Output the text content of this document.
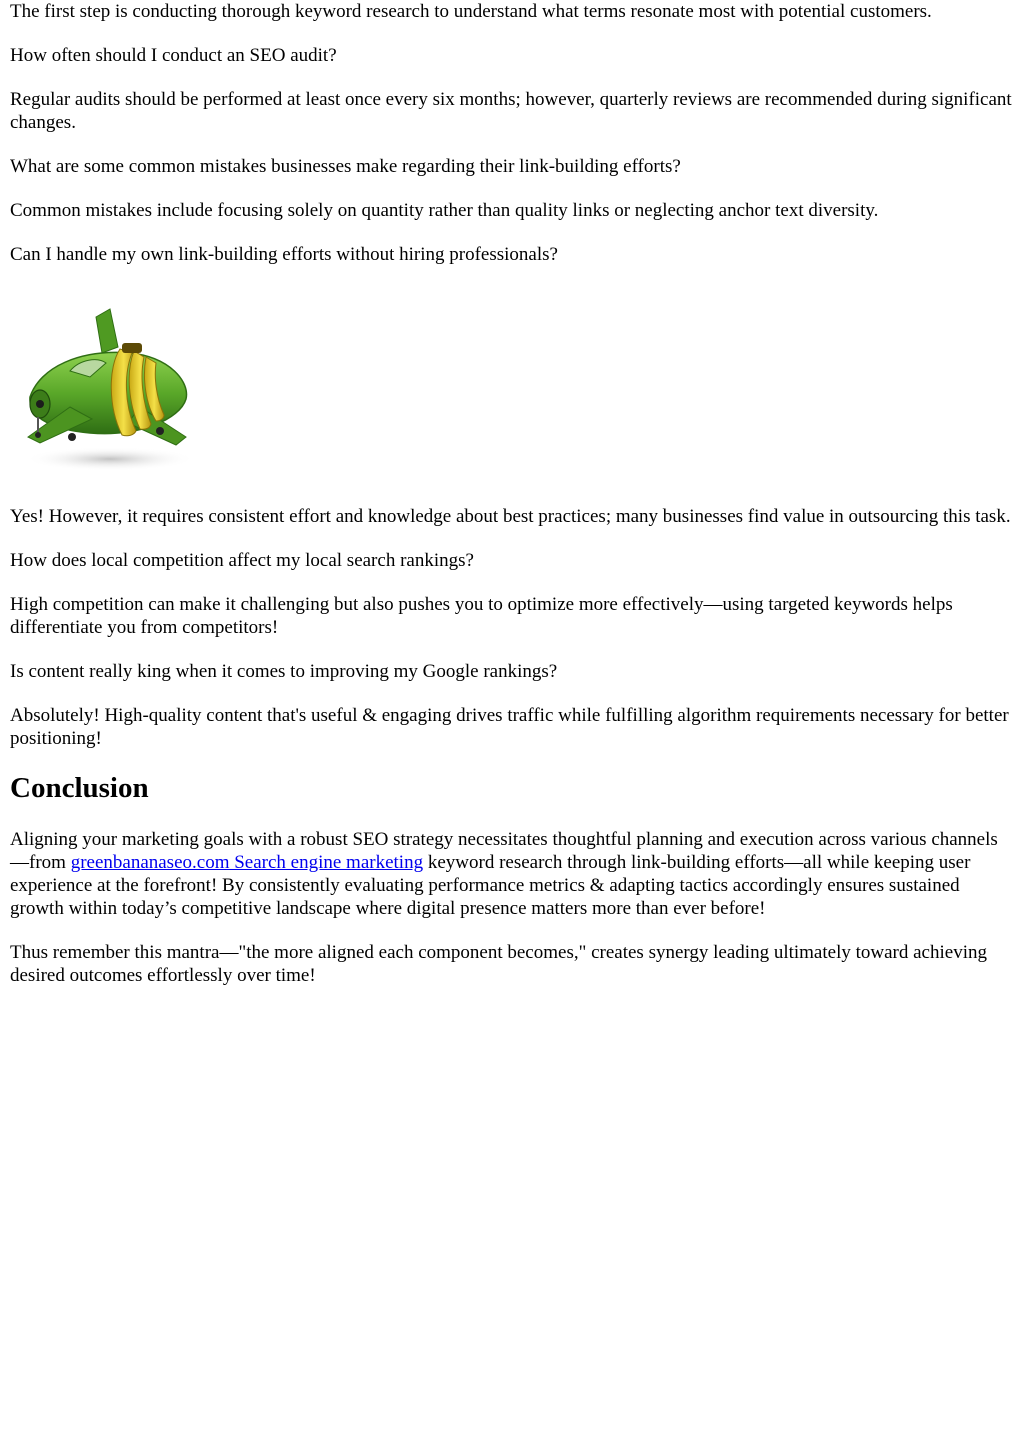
The first step is conducting thorough keyword research to understand what terms resonate most with potential customers.

How often should I conduct an SEO audit?

Regular audits should be performed at least once every six months; however, quarterly reviews are recommended during significant changes.

What are some common mistakes businesses make regarding their link-building efforts?

Common mistakes include focusing solely on quantity rather than quality links or neglecting anchor text diversity.

Can I handle my own link-building efforts without hiring professionals?

Yes! However, it requires consistent effort and knowledge about best practices; many businesses find value in outsourcing this task.

How does local competition affect my local search rankings?

High competition can make it challenging but also pushes you to optimize more effectively—using targeted keywords helps differentiate you from competitors!

Is content really king when it comes to improving my Google rankings?

Absolutely! High-quality content that's useful & engaging drives traffic while fulfilling algorithm requirements necessary for better positioning!

Conclusion

Aligning your marketing goals with a robust SEO strategy necessitates thoughtful planning and execution across various channels—from greenbananaseo.com Search engine marketing keyword research through link-building efforts—all while keeping user experience at the forefront! By consistently evaluating performance metrics & adapting tactics accordingly ensures sustained growth within today’s competitive landscape where digital presence matters more than ever before!

Thus remember this mantra—"the more aligned each component becomes," creates synergy leading ultimately toward achieving desired outcomes effortlessly over time!
